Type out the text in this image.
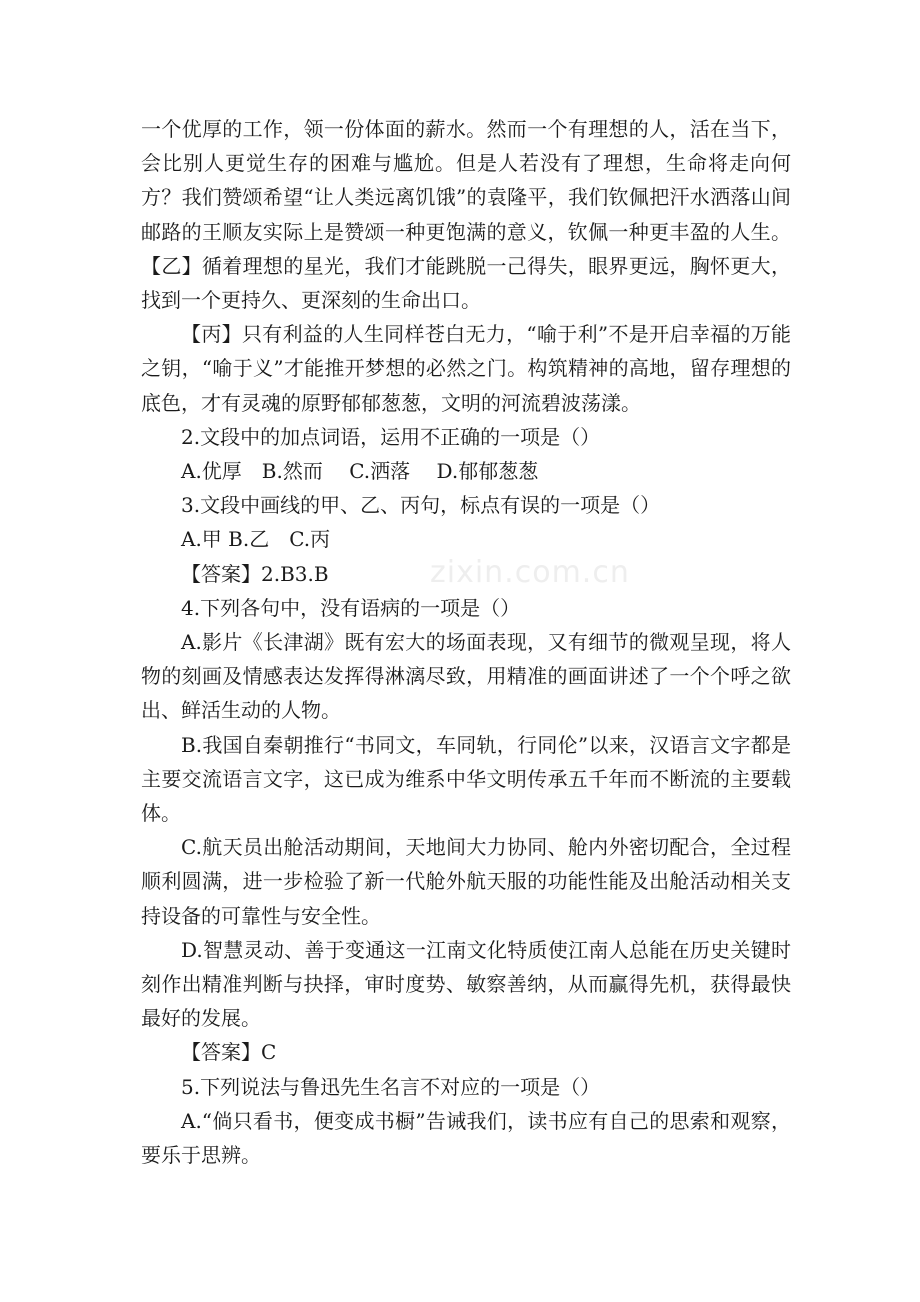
一个优厚的工作，领一份体面的薪水。然而一个有理想的人，活在当下，会比别人更觉生存的困难与尴尬。但是人若没有了理想，生命将走向何方？我们赞颂希望“让人类远离饥饿”的袁隆平，我们钦佩把汗水洒落山间邮路的王顺友实际上是赞颂一种更饱满的意义，钦佩一种更丰盈的人生。【乙】循着理想的星光，我们才能跳脱一己得失，眼界更远，胸怀更大，找到一个更持久、更深刻的生命出口。

【丙】只有利益的人生同样苍白无力，“喻于利”不是开启幸福的万能之钥，“喻于义”才能推开梦想的必然之门。构筑精神的高地，留存理想的底色，才有灵魂的原野郁郁葱葱，文明的河流碧波荡漾。

2.文段中的加点词语，运用不正确的一项是（）

A.优厚　B.然而　 C.洒落　 D.郁郁葱葱

3.文段中画线的甲、乙、丙句，标点有误的一项是（）

A.甲 B.乙　C.丙

【答案】2.B3.B

4.下列各句中，没有语病的一项是（）

A.影片《长津湖》既有宏大的场面表现，又有细节的微观呈现，将人物的刻画及情感表达发挥得淋漓尽致，用精准的画面讲述了一个个呼之欲出、鲜活生动的人物。

B.我国自秦朝推行“书同文，车同轨，行同伦”以来，汉语言文字都是主要交流语言文字，这已成为维系中华文明传承五千年而不断流的主要载体。

C.航天员出舱活动期间，天地间大力协同、舱内外密切配合，全过程顺利圆满，进一步检验了新一代舱外航天服的功能性能及出舱活动相关支持设备的可靠性与安全性。

D.智慧灵动、善于变通这一江南文化特质使江南人总能在历史关键时刻作出精准判断与抉择，审时度势、敏察善纳，从而赢得先机，获得最快最好的发展。

【答案】C

5.下列说法与鲁迅先生名言不对应的一项是（）

A.“倘只看书，便变成书橱”告诫我们，读书应有自己的思索和观察，要乐于思辨。

zixin.com.cn
